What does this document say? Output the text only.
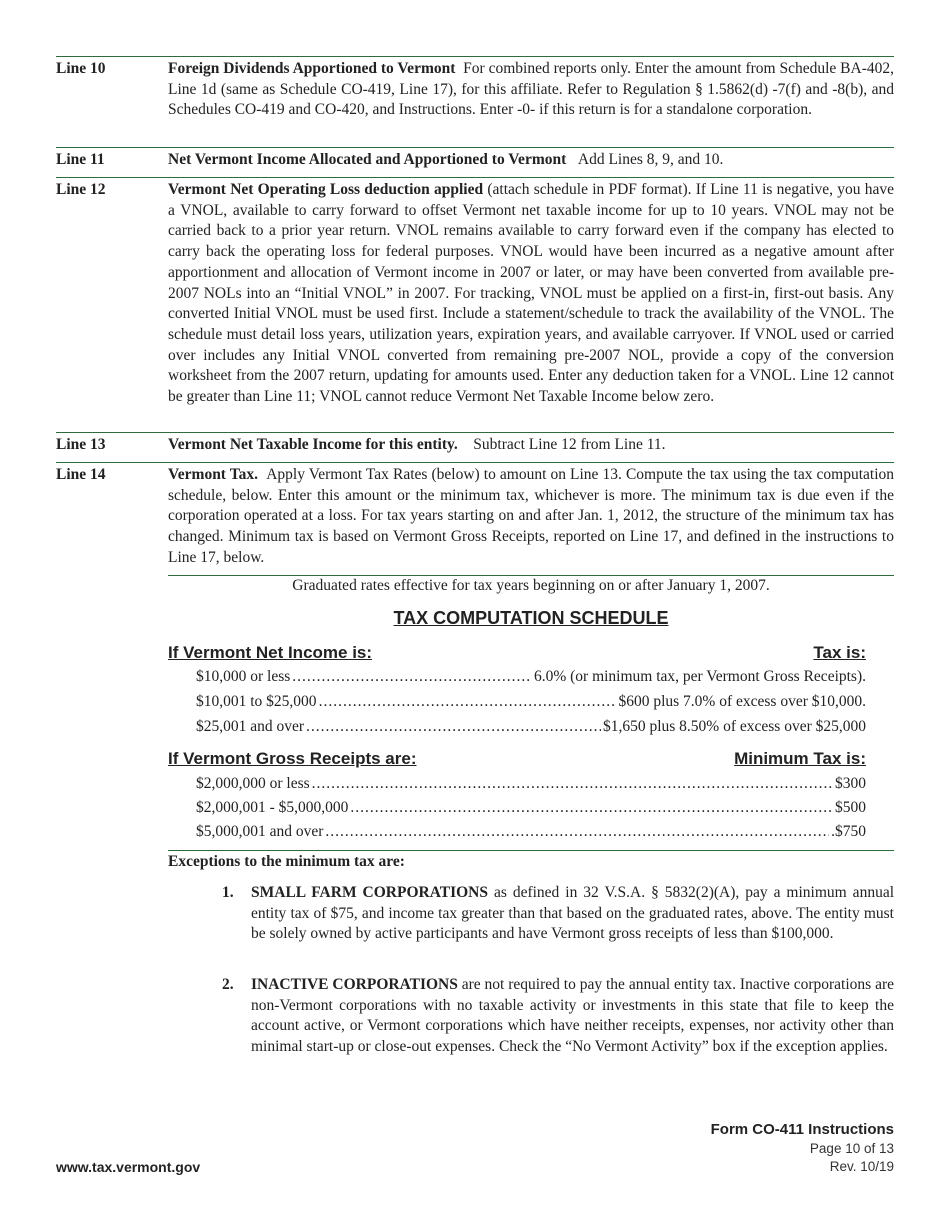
Line 10	Foreign Dividends Apportioned to Vermont For combined reports only. Enter the amount from Schedule BA-402, Line 1d (same as Schedule CO-419, Line 17), for this affiliate. Refer to Regulation § 1.5862(d) -7(f) and -8(b), and Schedules CO-419 and CO-420, and Instructions. Enter -0- if this return is for a standalone corporation.
Line 11	Net Vermont Income Allocated and Apportioned to Vermont Add Lines 8, 9, and 10.
Line 12	Vermont Net Operating Loss deduction applied (attach schedule in PDF format). If Line 11 is negative, you have a VNOL, available to carry forward to offset Vermont net taxable income for up to 10 years. VNOL may not be carried back to a prior year return. VNOL remains available to carry forward even if the company has elected to carry back the operating loss for federal purposes. VNOL would have been incurred as a negative amount after apportionment and allocation of Vermont income in 2007 or later, or may have been converted from available pre-2007 NOLs into an “Initial VNOL” in 2007. For tracking, VNOL must be applied on a first-in, first-out basis. Any converted Initial VNOL must be used first. Include a statement/schedule to track the availability of the VNOL. The schedule must detail loss years, utilization years, expiration years, and available carryover. If VNOL used or carried over includes any Initial VNOL converted from remaining pre-2007 NOL, provide a copy of the conversion worksheet from the 2007 return, updating for amounts used. Enter any deduction taken for a VNOL. Line 12 cannot be greater than Line 11; VNOL cannot reduce Vermont Net Taxable Income below zero.
Line 13	Vermont Net Taxable Income for this entity. Subtract Line 12 from Line 11.
Line 14	Vermont Tax. Apply Vermont Tax Rates (below) to amount on Line 13. Compute the tax using the tax computation schedule, below. Enter this amount or the minimum tax, whichever is more. The minimum tax is due even if the corporation operated at a loss. For tax years starting on and after Jan. 1, 2012, the structure of the minimum tax has changed. Minimum tax is based on Vermont Gross Receipts, reported on Line 17, and defined in the instructions to Line 17, below.
Graduated rates effective for tax years beginning on or after January 1, 2007.
TAX COMPUTATION SCHEDULE
If Vermont Net Income is:	Tax is:
$10,000 or less .....	6.0% (or minimum tax, per Vermont Gross Receipts).
$10,001 to $25,000 .....	$600 plus 7.0% of excess over $10,000.
$25,001 and over .....	$1,650 plus 8.50% of excess over $25,000
If Vermont Gross Receipts are:	Minimum Tax is:
$2,000,000 or less .....	$300
$2,000,001 - $5,000,000 .....	$500
$5,000,001 and over .....	.$750
Exceptions to the minimum tax are:
1. SMALL FARM CORPORATIONS as defined in 32 V.S.A. § 5832(2)(A), pay a minimum annual entity tax of $75, and income tax greater than that based on the graduated rates, above. The entity must be solely owned by active participants and have Vermont gross receipts of less than $100,000.
2. INACTIVE CORPORATIONS are not required to pay the annual entity tax. Inactive corporations are non-Vermont corporations with no taxable activity or investments in this state that file to keep the account active, or Vermont corporations which have neither receipts, expenses, nor activity other than minimal start-up or close-out expenses. Check the “No Vermont Activity” box if the exception applies.
Form CO-411 Instructions
Page 10 of 13
Rev. 10/19
www.tax.vermont.gov
